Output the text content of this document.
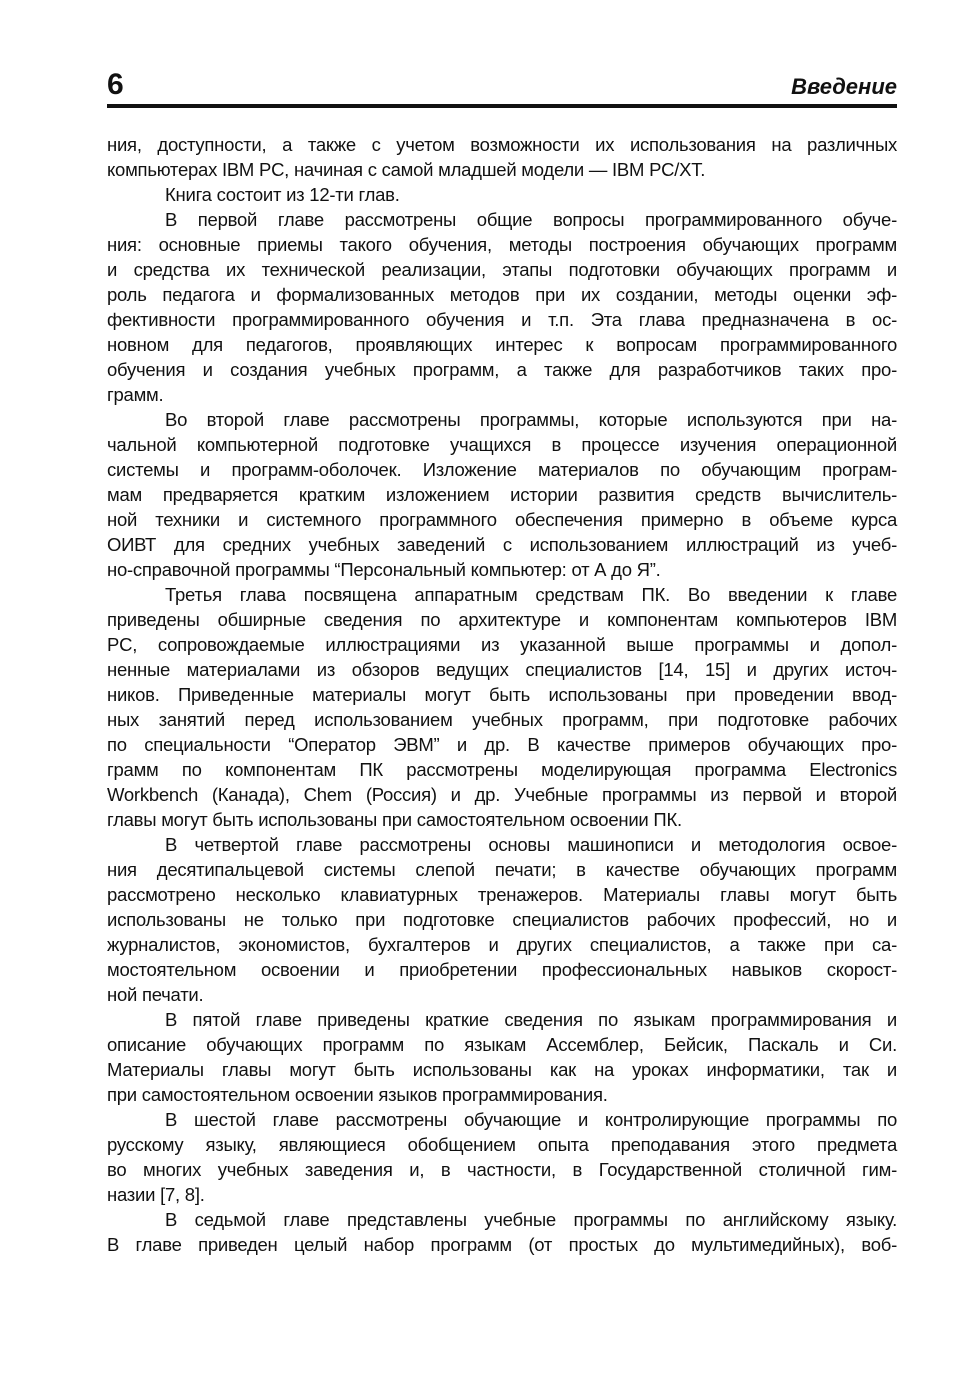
6	Введение
ния, доступности, а также с учетом возможности их использования на различных
компьютерах IBM PC, начиная с самой младшей модели — IBM PC/XT.
Книга состоит из 12-ти глав.
В первой главе рассмотрены общие вопросы программированного обуче-
ния: основные приемы такого обучения, методы построения обучающих программ
и средства их технической реализации, этапы подготовки обучающих программ и
роль педагога и формализованных методов при их создании, методы оценки эф-
фективности программированного обучения и т.п. Эта глава предназначена в ос-
новном для педагогов, проявляющих интерес к вопросам программированного
обучения и создания учебных программ, а также для разработчиков таких про-
грамм.
Во второй главе рассмотрены программы, которые используются при на-
чальной компьютерной подготовке учащихся в процессе изучения операционной
системы и программ-оболочек. Изложение материалов по обучающим програм-
мам предваряется кратким изложением истории развития средств вычислитель-
ной техники и системного программного обеспечения примерно в объеме курса
ОИВТ для средних учебных заведений с использованием иллюстраций из учеб-
но-справочной программы “Персональный компьютер: от А до Я”.
Третья глава посвящена аппаратным средствам ПК. Во введении к главе
приведены обширные сведения по архитектуре и компонентам компьютеров IBM
PC, сопровождаемые иллюстрациями из указанной выше программы и допол-
ненные материалами из обзоров ведущих специалистов [14, 15] и других источ-
ников. Приведенные материалы могут быть использованы при проведении ввод-
ных занятий перед использованием учебных программ, при подготовке рабочих
по специальности “Оператор ЭВМ” и др. В качестве примеров обучающих про-
грамм по компонентам ПК рассмотрены моделирующая программа Electronics
Workbench (Канада), Chem (Россия) и др. Учебные программы из первой и второй
главы могут быть использованы при самостоятельном освоении ПК.
В четвертой главе рассмотрены основы машинописи и методология освое-
ния десятипальцевой системы слепой печати; в качестве обучающих программ
рассмотрено несколько клавиатурных тренажеров. Материалы главы могут быть
использованы не только при подготовке специалистов рабочих профессий, но и
журналистов, экономистов, бухгалтеров и других специалистов, а также при са-
мостоятельном освоении и приобретении профессиональных навыков скорост-
ной печати.
В пятой главе приведены краткие сведения по языкам программирования и
описание обучающих программ по языкам Ассемблер, Бейсик, Паскаль и Си.
Материалы главы могут быть использованы как на уроках информатики, так и
при самостоятельном освоении языков программирования.
В шестой главе рассмотрены обучающие и контролирующие программы по
русскому языку, являющиеся обобщением опыта преподавания этого предмета
во многих учебных заведения и, в частности, в Государственной столичной гим-
назии [7, 8].
В седьмой главе представлены учебные программы по английскому языку.
В главе приведен целый набор программ (от простых до мультимедийных), воб-
